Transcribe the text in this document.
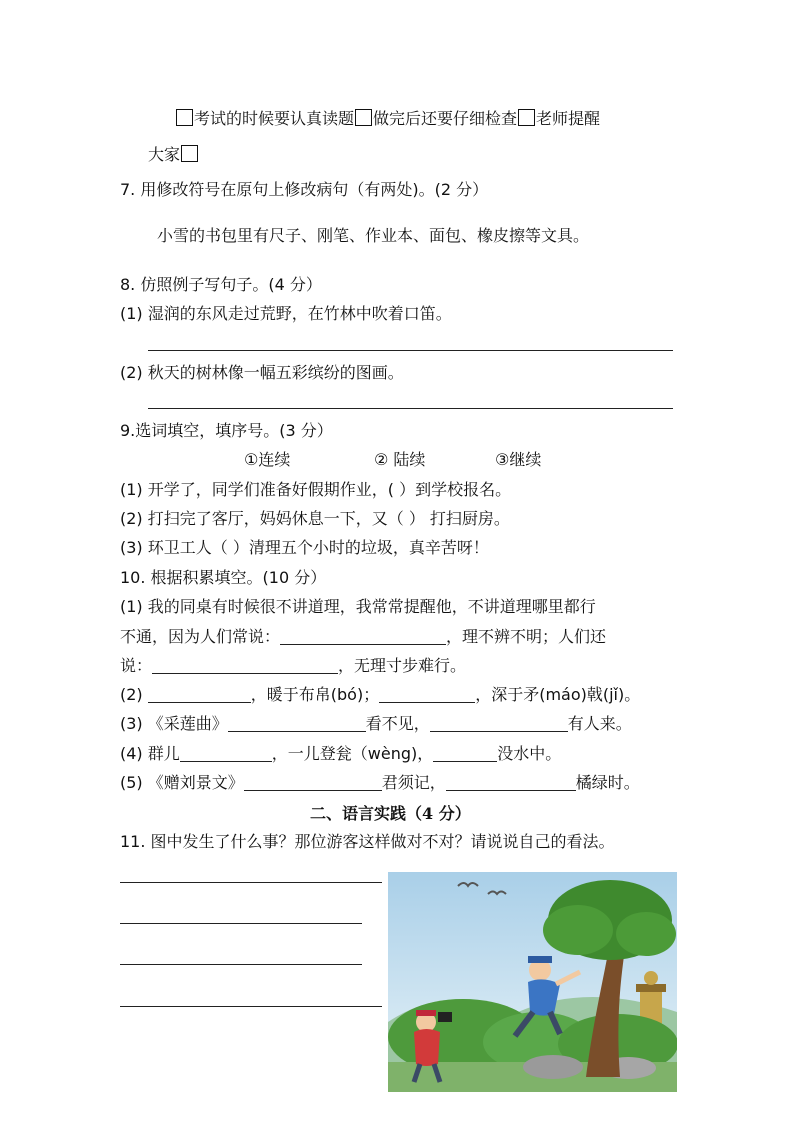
考试的时候要认真读题 做完后还要仔细检查 老师提醒
大家
7. 用修改符号在原句上修改病句（有两处)。(2 分）
小雪的书包里有尺子、刚笔、作业本、面包、橡皮擦等文具。
8. 仿照例子写句子。(4 分）
(1) 湿润的东风走过荒野，在竹林中吹着口笛。
(2) 秋天的树林像一幅五彩缤纷的图画。
9.选词填空，填序号。(3 分）
①连续	② 陆续	③继续
(1) 开学了，同学们准备好假期作业，( ）到学校报名。
(2) 打扫完了客厅，妈妈休息一下，又（ ） 打扫厨房。
(3) 环卫工人（ ）清理五个小时的垃圾，真辛苦呀！
10. 根据积累填空。(10 分）
(1) 我的同桌有时候很不讲道理，我常常提醒他，不讲道理哪里都行
不通，因为人们常说：	，理不辨不明；人们还
说：	，无理寸步难行。
(2)	，暖于布帛(bó)；	，深于矛(máo)戟(jǐ)。
(3) 《采莲曲》	看不见，	有人来。
(4) 群儿	，一儿登瓮（wèng)，	没水中。
(5) 《赠刘景文》	君须记，	橘绿时。
二、语言实践（4 分）
11. 图中发生了什么事？那位游客这样做对不对？请说说自己的看法。
